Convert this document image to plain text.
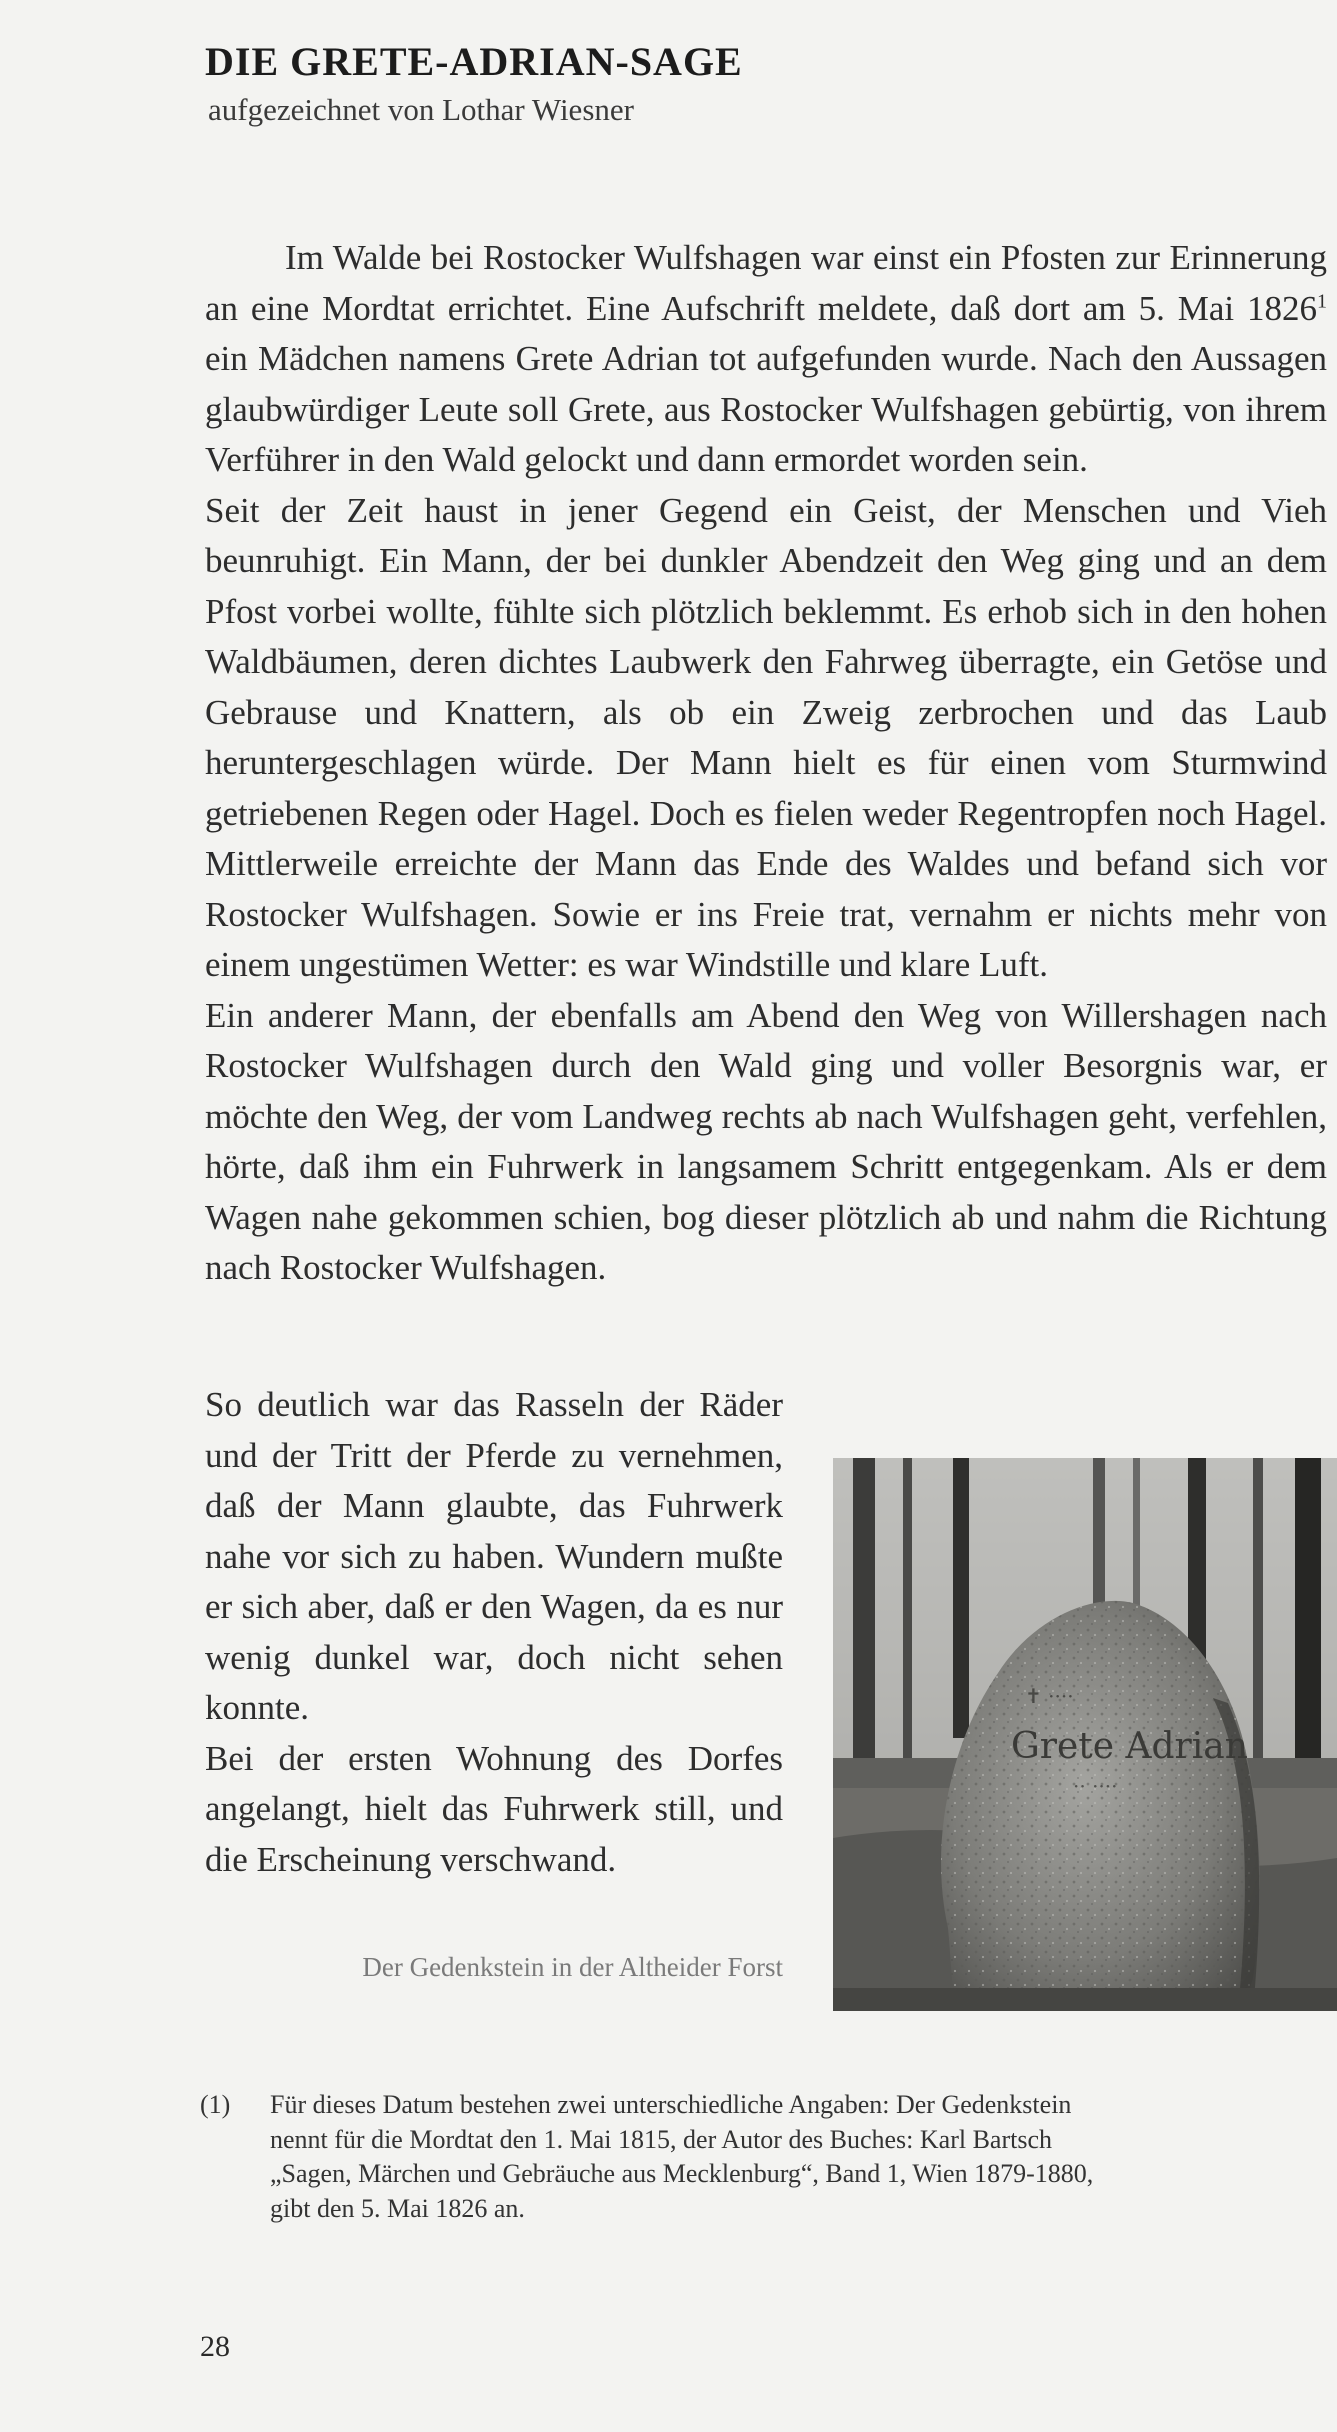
DIE GRETE-ADRIAN-SAGE
aufgezeichnet von Lothar Wiesner

Im Walde bei Rostocker Wulfshagen war einst ein Pfosten zur Erinnerung an eine Mordtat errichtet. Eine Aufschrift meldete, daß dort am 5. Mai 1826$^1$ ein Mädchen namens Grete Adrian tot aufgefunden wurde. Nach den Aussagen glaubwürdiger Leute soll Grete, aus Rostocker Wulfshagen gebürtig, von ihrem Verführer in den Wald gelockt und dann ermordet worden sein.

Seit der Zeit haust in jener Gegend ein Geist, der Menschen und Vieh beunruhigt. Ein Mann, der bei dunkler Abendzeit den Weg ging und an dem Pfost vorbei wollte, fühlte sich plötzlich beklemmt. Es erhob sich in den hohen Waldbäumen, deren dichtes Laubwerk den Fahrweg überragte, ein Getöse und Gebrause und Knattern, als ob ein Zweig zerbrochen und das Laub heruntergeschlagen würde. Der Mann hielt es für einen vom Sturmwind getriebenen Regen oder Hagel. Doch es fielen weder Regentropfen noch Hagel. Mittlerweile erreichte der Mann das Ende des Waldes und befand sich vor Rostocker Wulfshagen. Sowie er ins Freie trat, vernahm er nichts mehr von einem ungestümen Wetter: es war Windstille und klare Luft.

Ein anderer Mann, der ebenfalls am Abend den Weg von Willershagen nach Rostocker Wulfshagen durch den Wald ging und voller Besorgnis war, er möchte den Weg, der vom Landweg rechts ab nach Wulfshagen geht, verfehlen, hörte, daß ihm ein Fuhrwerk in langsamem Schritt entgegenkam. Als er dem Wagen nahe gekommen schien, bog dieser plötzlich ab und nahm die Richtung nach Rostocker Wulfshagen.

So deutlich war das Rasseln der Räder und der Tritt der Pferde zu vernehmen, daß der Mann glaubte, das Fuhrwerk nahe vor sich zu haben. Wundern mußte er sich aber, daß er den Wagen, da es nur wenig dunkel war, doch nicht sehen konnte.

Bei der ersten Wohnung des Dorfes angelangt, hielt das Fuhrwerk still, und die Erscheinung verschwand.

✝ ····
Grete Adrian
·· ····
Der Gedenkstein in der Altheider Forst
(1) Für dieses Datum bestehen zwei unterschiedliche Angaben: Der Gedenkstein
nennt für die Mordtat den 1. Mai 1815, der Autor des Buches: Karl Bartsch
„Sagen, Märchen und Gebräuche aus Mecklenburg“, Band 1, Wien 1879-1880,
gibt den 5. Mai 1826 an.
28
